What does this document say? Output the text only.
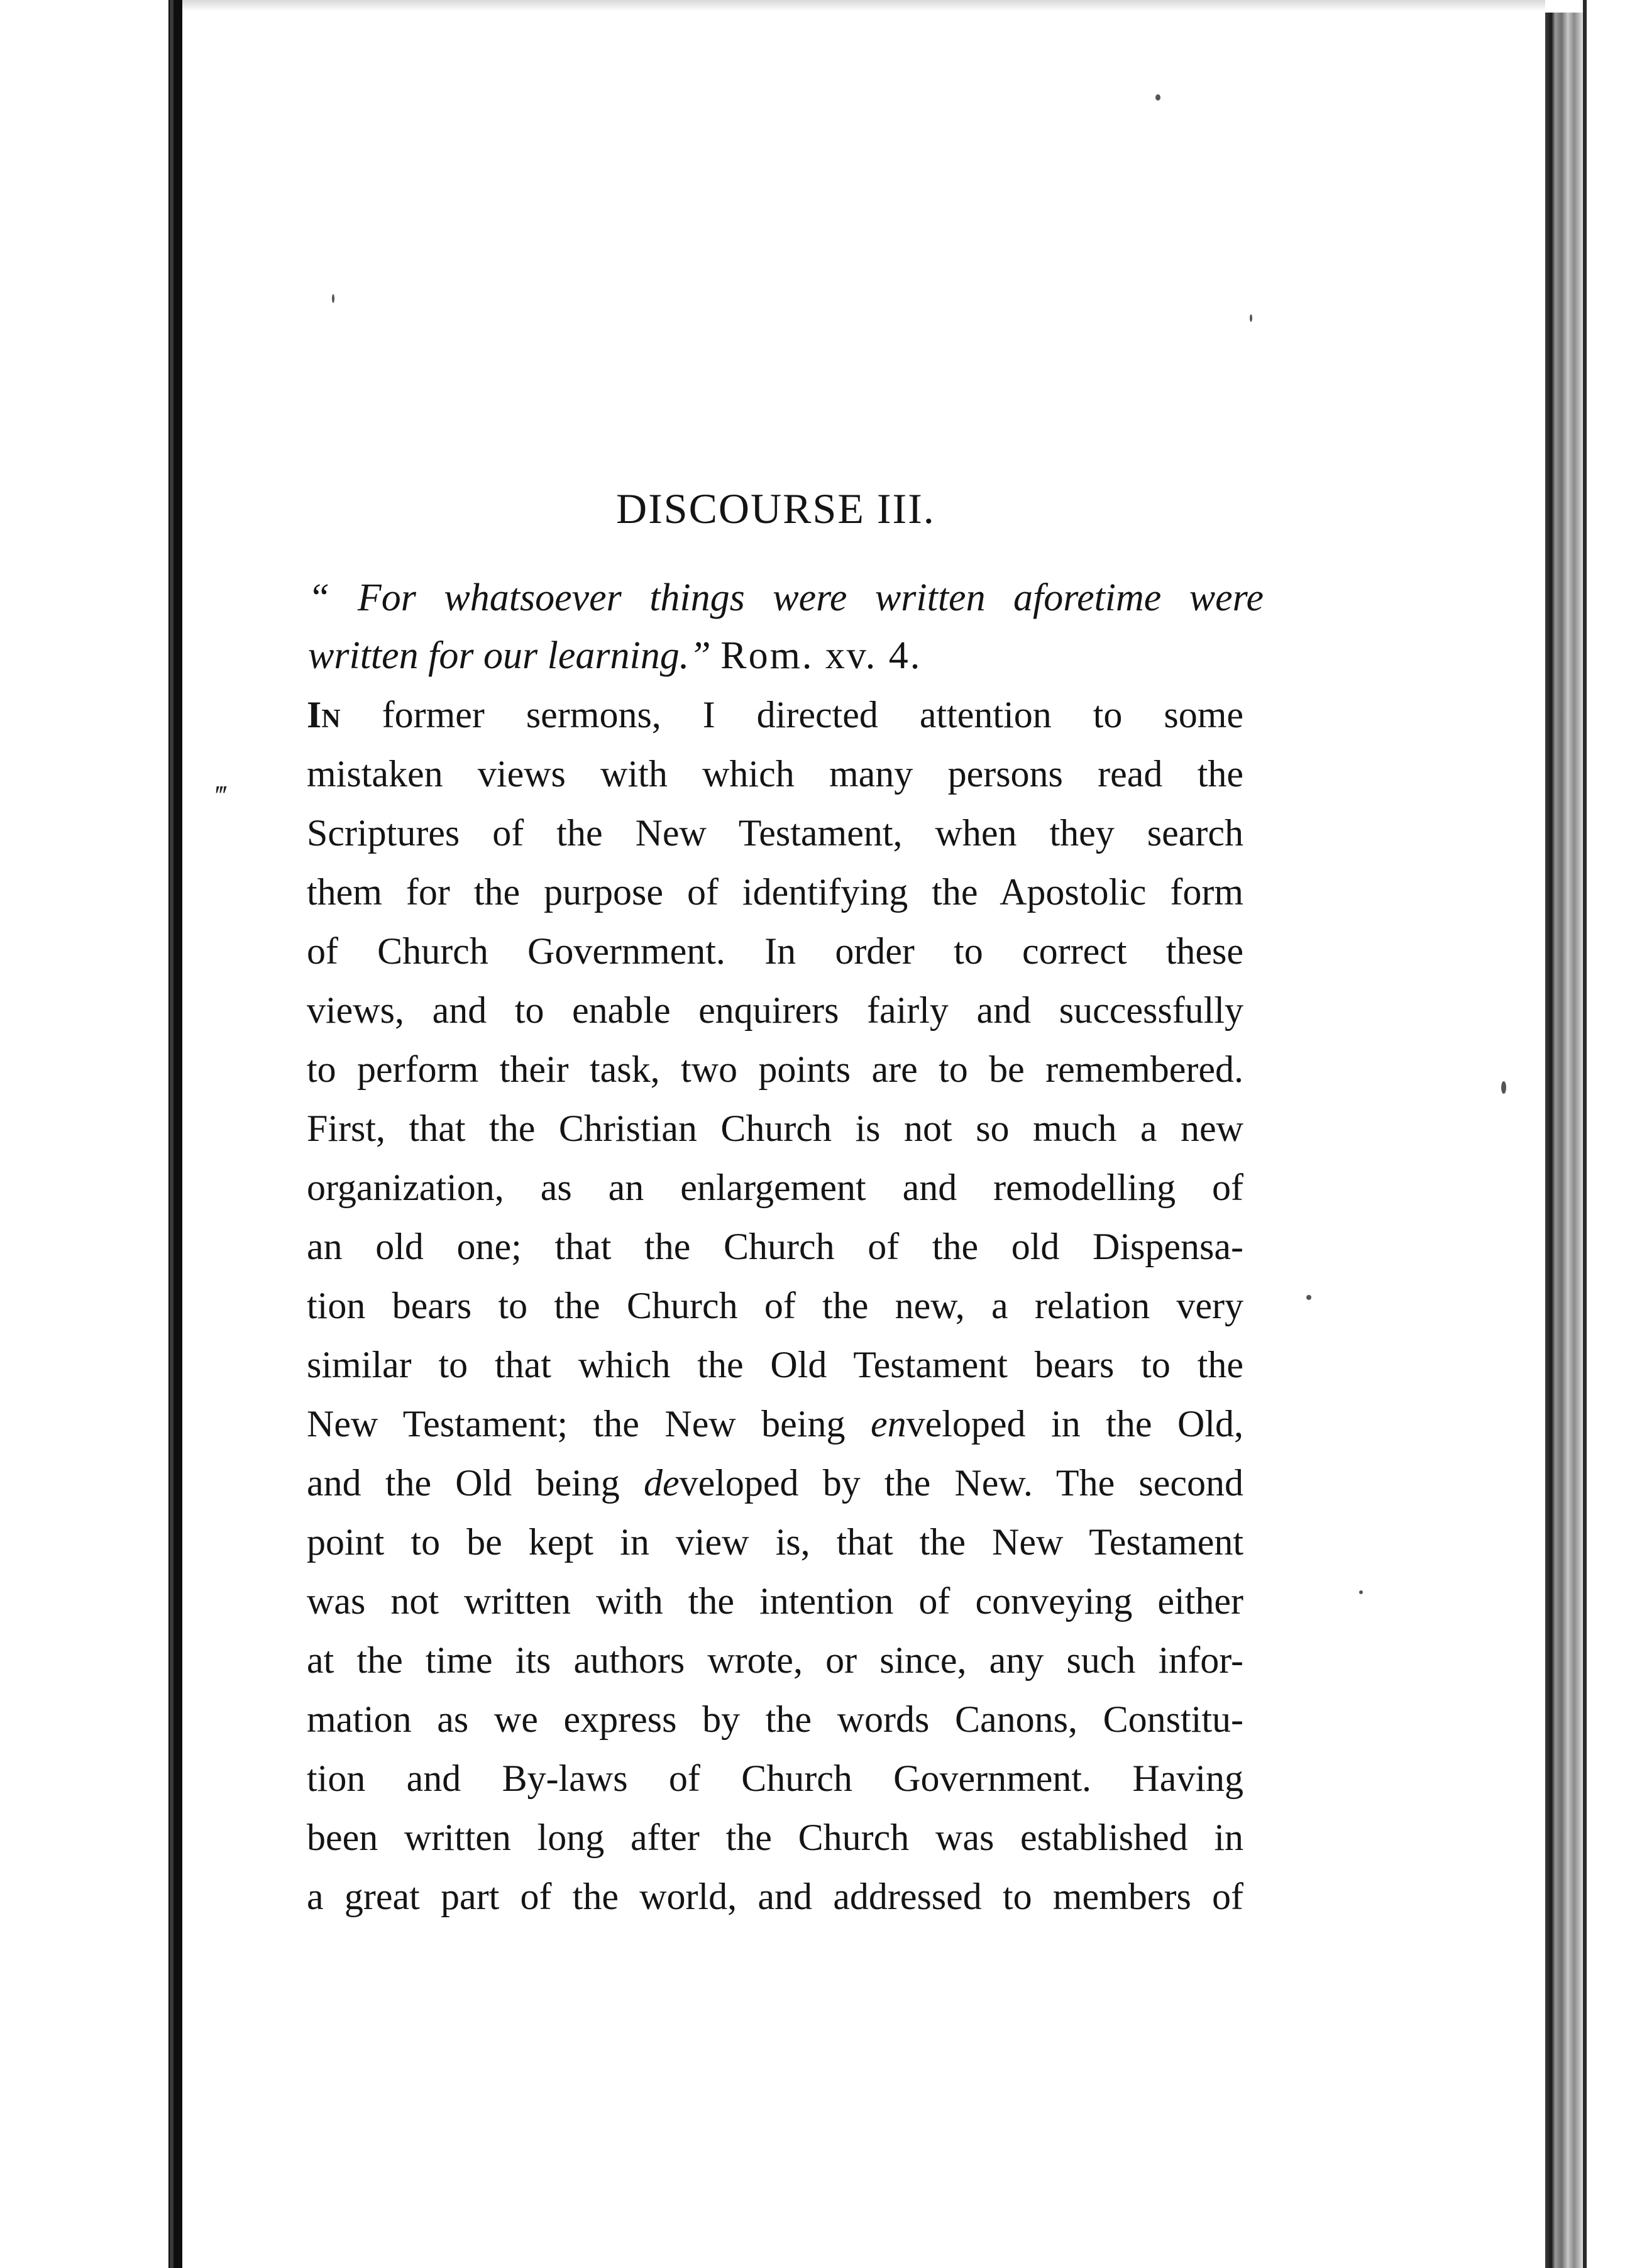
‴
DISCOURSE III.

“ For whatsoever things were written aforetime were
written for our learning.” Rom. xv. 4.

In former sermons, I directed attention to some
mistaken views with which many persons read the
Scriptures of the New Testament, when they search
them for the purpose of identifying the Apostolic form
of Church Government. In order to correct these
views, and to enable enquirers fairly and successfully
to perform their task, two points are to be remembered.
First, that the Christian Church is not so much a new
organization, as an enlargement and remodelling of
an old one; that the Church of the old Dispensa-
tion bears to the Church of the new, a relation very
similar to that which the Old Testament bears to the
New Testament; the New being enveloped in the Old,
and the Old being developed by the New. The second
point to be kept in view is, that the New Testament
was not written with the intention of conveying either
at the time its authors wrote, or since, any such infor-
mation as we express by the words Canons, Constitu-
tion and By-laws of Church Government. Having
been written long after the Church was established in
a great part of the world, and addressed to members of
